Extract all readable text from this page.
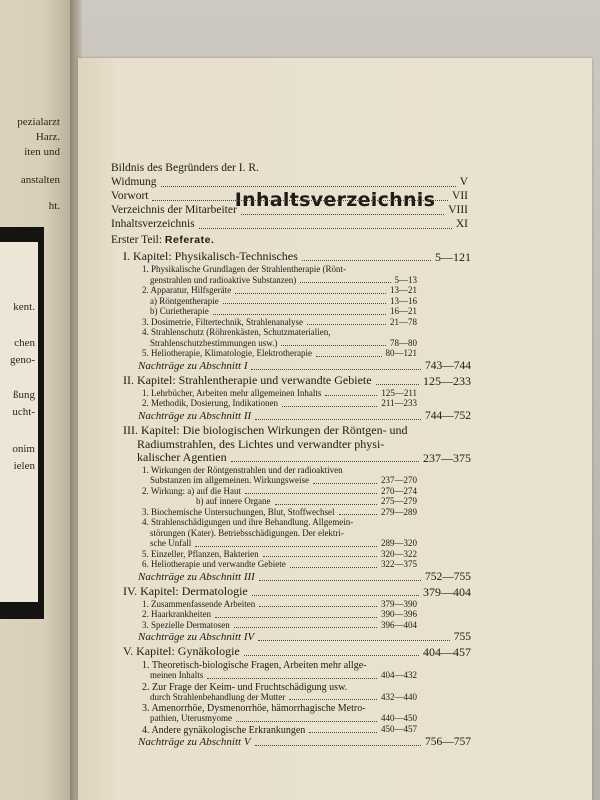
pezialarzt
Harz.
iten und
anstalten
ht.
kent.
chen
geno-
ßung
ucht-
onim
ielen
Inhaltsverzeichnis
Bildnis des Begründers der I. R.
Widmung	V
Vorwort	VII
Verzeichnis der Mitarbeiter	VIII
Inhaltsverzeichnis	XI
Erster Teil: Referate.
I. Kapitel: Physikalisch-Technisches	5—121
1. Physikalische Grundlagen der Strahlentherapie (Rönt-
genstrahlen und radioaktive Substanzen)	5—13
2. Apparatur, Hilfsgeräte	13—21
a) Röntgentherapie	13—16
b) Curietherapie	16—21
3. Dosimetrie, Filtertechnik, Strahlenanalyse	21—78
4. Strahlenschutz (Röhrenkästen, Schutzmaterialien,
Strahlenschutzbestimmungen usw.)	78—80
5. Heliotherapie, Klimatologie, Elektrotherapie	80—121
Nachträge zu Abschnitt I	743—744
II. Kapitel: Strahlentherapie und verwandte Gebiete	125—233
1. Lehrbücher, Arbeiten mehr allgemeinen Inhalts	125—211
2. Methodik, Dosierung, Indikationen	211—233
Nachträge zu Abschnitt II	744—752
III. Kapitel: Die biologischen Wirkungen der Röntgen- und
Radiumstrahlen, des Lichtes und verwandter physi-
kalischer Agentien	237—375
1. Wirkungen der Röntgenstrahlen und der radioaktiven
Substanzen im allgemeinen. Wirkungsweise	237—270
2. Wirkung: a) auf die Haut	270—274
b) auf innere Organe	275—279
3. Biochemische Untersuchungen, Blut, Stoffwechsel	279—289
4. Strahlenschädigungen und ihre Behandlung. Allgemein-
störungen (Kater). Betriebsschädigungen. Der elektri-
sche Unfall	289—320
5. Einzeller, Pflanzen, Bakterien	320—322
6. Heliotherapie und verwandte Gebiete	322—375
Nachträge zu Abschnitt III	752—755
IV. Kapitel: Dermatologie	379—404
1. Zusammenfassende Arbeiten	379—390
2. Haarkrankheiten	390—396
3. Spezielle Dermatosen	396—404
Nachträge zu Abschnitt IV	755
V. Kapitel: Gynäkologie	404—457
1. Theoretisch-biologische Fragen, Arbeiten mehr allge-
meinen Inhalts	404—432
2. Zur Frage der Keim- und Fruchtschädigung usw.
durch Strahlenbehandlung der Mutter	432—440
3. Amenorrhöe, Dysmenorrhöe, hämorrhagische Metro-
pathien, Uterusmyome	440—450
4. Andere gynäkologische Erkrankungen	450—457
Nachträge zu Abschnitt V	756—757
